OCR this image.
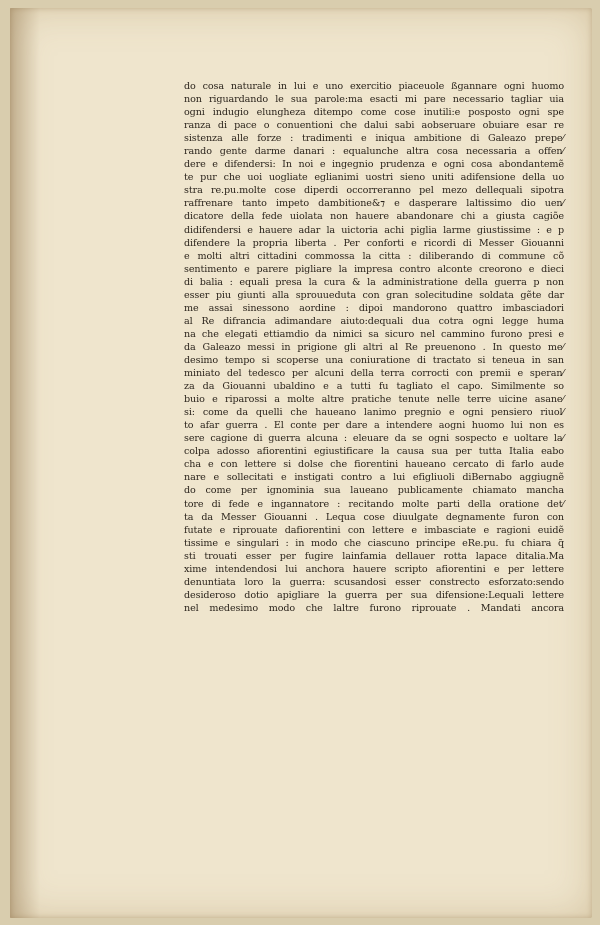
do cosa naturale in lui e uno exercitio piaceuole ßgannare ogni huomo
non riguardando le sua parole:ma esacti mi pare necessario tagliar uia
ogni indugio elungheza ditempo come cose inutili:e posposto ogni spe
ranza di pace o conuentioni che dalui sabi aobseruare obuiare esar re
sistenza alle forze : tradimenti e iniqua ambitione di Galeazo prepe⁄
rando gente darme danari : equalunche altra cosa necessaria a offen⁄
dere e difendersi: In noi e ingegnio prudenza e ogni cosa abondantemẽ
te pur che uoi uogliate eglianimi uostri sieno uniti adifensione della uo
stra re.pu.molte cose diperdi occorreranno pel mezo dellequali sipotra
raffrenare tanto impeto dambitione&⁊ e dasperare laltissimo dio uen⁄
dicatore della fede uiolata non hauere abandonare chi a giusta cagiõe
didifendersi e hauere adar la uictoria achi piglia larme giustissime : e p
difendere la propria liberta . Per conforti e ricordi di Messer Giouanni
e molti altri cittadini commossa la citta : diliberando di commune cõ
sentimento e parere pigliare la impresa contro alconte creorono e dieci
di balia : equali presa la cura & la administratione della guerra p non
esser piu giunti alla sprouueduta con gran solecitudine soldata gẽte dar
me assai sinessono aordine : dipoi mandorono quattro imbasciadori
al Re difrancia adimandare aiuto:dequali dua cotra ogni legge huma
na che elegati ettiamdio da nimici sa sicuro nel cammino furono presi e
da Galeazo messi in prigione gli altri al Re preuenono . In questo me⁄
desimo tempo si scoperse una coniuratione di tractato si teneua in san
miniato del tedesco per alcuni della terra corrocti con premii e speran⁄
za da Giouanni ubaldino e a tutti fu tagliato el capo. Similmente so
buio e riparossi a molte altre pratiche tenute nelle terre uicine asane⁄
si: come da quelli che haueano lanimo pregnio e ogni pensiero riuol⁄
to afar guerra . El conte per dare a intendere aogni huomo lui non es
sere cagione di guerra alcuna : eleuare da se ogni sospecto e uoltare la⁄
colpa adosso afiorentini egiustificare la causa sua per tutta Italia eabo
cha e con lettere si dolse che fiorentini haueano cercato di farlo aude
nare e sollecitati e instigati contro a lui efigliuoli diBernabo aggiugnẽ
do come per ignominia sua laueano publicamente chiamato mancha
tore di fede e ingannatore : recitando molte parti della oratione det⁄
ta da Messer Giouanni . Lequa cose diuulgate degnamente furon con
futate e riprouate dafiorentini con lettere e imbasciate e ragioni euidẽ
tissime e singulari : in modo che ciascuno principe eRe.pu. fu chiara q̃
sti trouati esser per fugire lainfamia dellauer rotta lapace ditalia.Ma
xime intendendosi lui anchora hauere scripto afiorentini e per lettere
denuntiata loro la guerra: scusandosi esser constrecto esforzato:sendo
desideroso dotio apigliare la guerra per sua difensione:Lequali lettere
nel medesimo modo che laltre furono riprouate . Mandati ancora
